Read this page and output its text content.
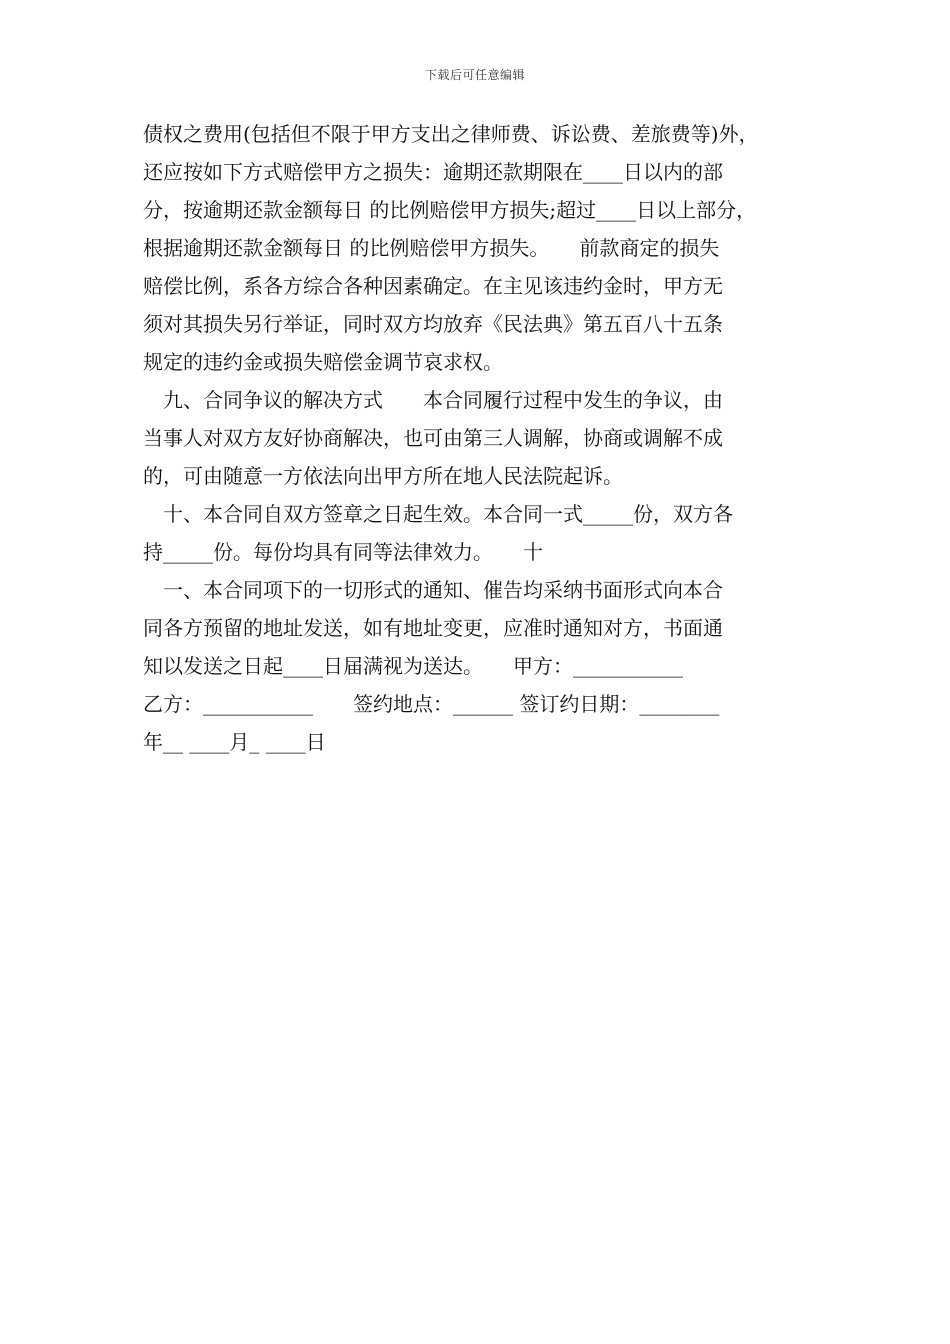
下载后可任意编辑
债权之费用(包括但不限于甲方支出之律师费、诉讼费、差旅费等)外，
还应按如下方式赔偿甲方之损失：逾期还款期限在____日以内的部
分，按逾期还款金额每日 的比例赔偿甲方损失;超过____日以上部分，
根据逾期还款金额每日 的比例赔偿甲方损失。　　前款商定的损失
赔偿比例，系各方综合各种因素确定。在主见该违约金时，甲方无
须对其损失另行举证，同时双方均放弃《民法典》第五百八十五条
规定的违约金或损失赔偿金调节哀求权。
　九、合同争议的解决方式　　本合同履行过程中发生的争议，由
当事人对双方友好协商解决，也可由第三人调解，协商或调解不成
的，可由随意一方依法向出甲方所在地人民法院起诉。
　十、本合同自双方签章之日起生效。本合同一式_____份，双方各
持_____份。每份均具有同等法律效力。　　十
　一、本合同项下的一切形式的通知、催告均采纳书面形式向本合
同各方预留的地址发送，如有地址变更，应准时通知对方，书面通
知以发送之日起____日届满视为送达。　　甲方：___________
乙方：___________　　签约地点：______ 签订约日期：________
年__ ____月_ ____日
